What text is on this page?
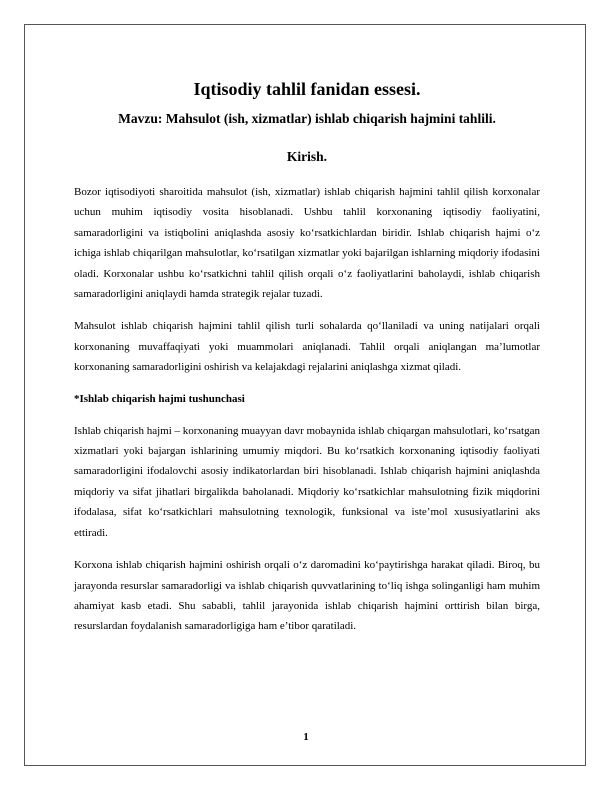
Iqtisodiy tahlil fanidan essesi.
Mavzu: Mahsulot (ish, xizmatlar) ishlab chiqarish hajmini tahlili.
Kirish.

Bozor iqtisodiyoti sharoitida mahsulot (ish, xizmatlar) ishlab chiqarish hajmini tahlil qilish korxonalar uchun muhim iqtisodiy vosita hisoblanadi. Ushbu tahlil korxonaning iqtisodiy faoliyatini, samaradorligini va istiqbolini aniqlashda asosiy ko‘rsatkichlardan biridir. Ishlab chiqarish hajmi o‘z ichiga ishlab chiqarilgan mahsulotlar, ko‘rsatilgan xizmatlar yoki bajarilgan ishlarning miqdoriy ifodasini oladi. Korxonalar ushbu ko‘rsatkichni tahlil qilish orqali o‘z faoliyatlarini baholaydi, ishlab chiqarish samaradorligini aniqlaydi hamda strategik rejalar tuzadi.

Mahsulot ishlab chiqarish hajmini tahlil qilish turli sohalarda qo‘llaniladi va uning natijalari orqali korxonaning muvaffaqiyati yoki muammolari aniqlanadi. Tahlil orqali aniqlangan ma’lumotlar korxonaning samaradorligini oshirish va kelajakdagi rejalarini aniqlashga xizmat qiladi.

*Ishlab chiqarish hajmi tushunchasi

Ishlab chiqarish hajmi – korxonaning muayyan davr mobaynida ishlab chiqargan mahsulotlari, ko‘rsatgan xizmatlari yoki bajargan ishlarining umumiy miqdori. Bu ko‘rsatkich korxonaning iqtisodiy faoliyati samaradorligini ifodalovchi asosiy indikatorlardan biri hisoblanadi. Ishlab chiqarish hajmini aniqlashda miqdoriy va sifat jihatlari birgalikda baholanadi. Miqdoriy ko‘rsatkichlar mahsulotning fizik miqdorini ifodalasa, sifat ko‘rsatkichlari mahsulotning texnologik, funksional va iste’mol xususiyatlarini aks ettiradi.

Korxona ishlab chiqarish hajmini oshirish orqali o‘z daromadini ko‘paytirishga harakat qiladi. Biroq, bu jarayonda resurslar samaradorligi va ishlab chiqarish quvvatlarining to‘liq ishga solinganligi ham muhim ahamiyat kasb etadi. Shu sababli, tahlil jarayonida ishlab chiqarish hajmini orttirish bilan birga, resurslardan foydalanish samaradorligiga ham e’tibor qaratiladi.

1
